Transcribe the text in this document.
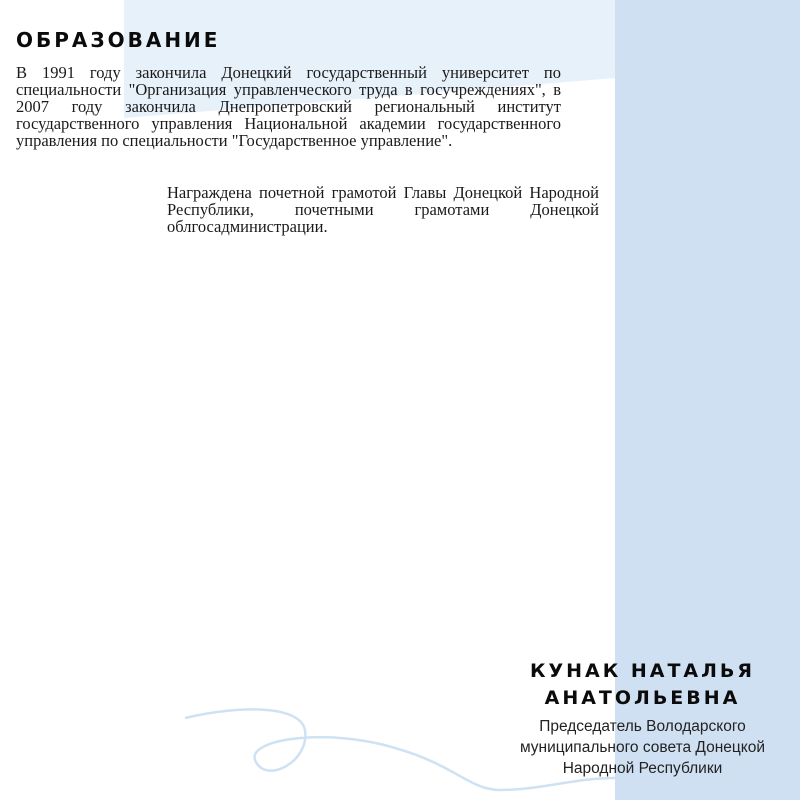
ОБРАЗОВАНИЕ

В 1991 году закончила Донецкий государственный университет по специальности "Организация управленческого труда в госучреждениях", в 2007 году закончила Днепропетровский региональный институт государственного управления Национальной академии государственного управления по специальности "Государственное управление".

Награждена почетной грамотой Главы Донецкой Народной Республики, почетными грамотами Донецкой облгосадминистрации.

КУНАК НАТАЛЬЯ
АНАТОЛЬЕВНА
Председатель Володарского
муниципального совета Донецкой
Народной Республики
